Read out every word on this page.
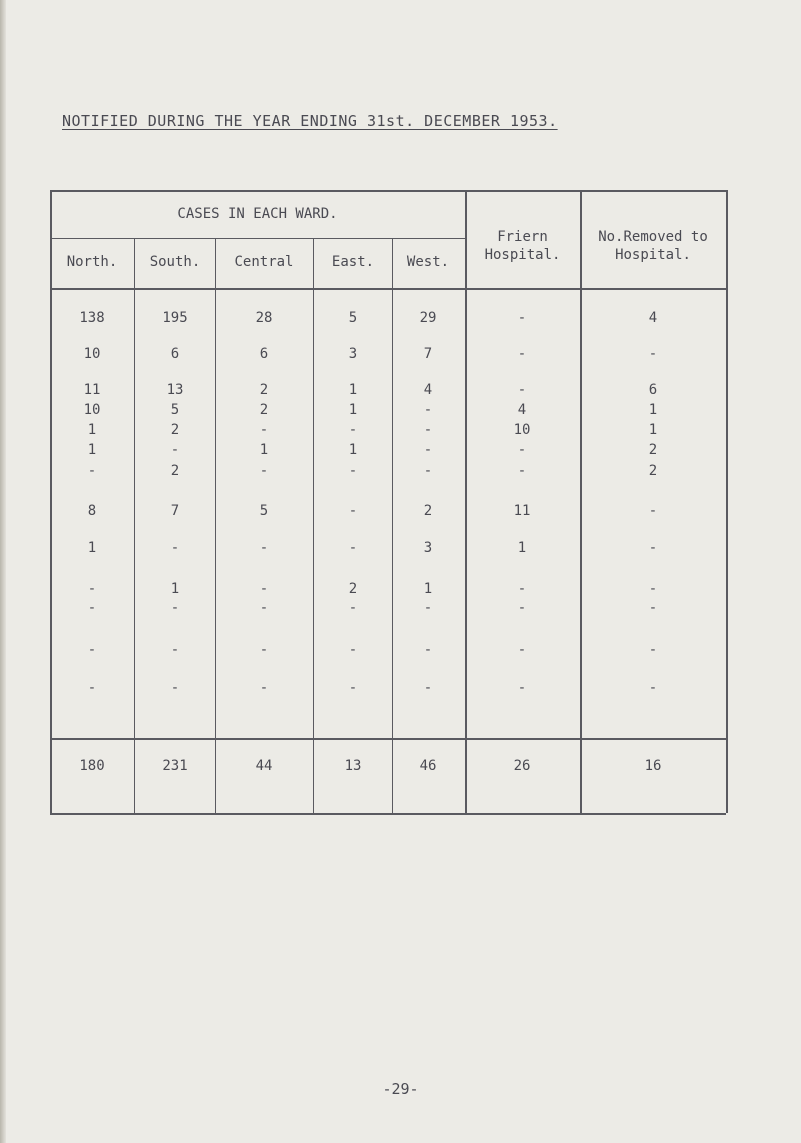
NOTIFIED DURING THE YEAR ENDING 31st. DECEMBER 1953.
CASES IN EACH WARD.
North.	South.	Central	East.	West.
Friern Hospital.
No.Removed to Hospital.
138	195	28	5	29	-	4
10	6	6	3	7	-	-
11	13	2	1	4	-	6
10	5	2	1	-	4	1
1	2	-	-	-	10	1
1	-	1	1	-	-	2
-	2	-	-	-	-	2
8	7	5	-	2	11	-
1	-	-	-	3	1	-
-	1	-	2	1	-	-
-	-	-	-	-	-	-
-	-	-	-	-	-	-
-	-	-	-	-	-	-
180	231	44	13	46	26	16
-29-
